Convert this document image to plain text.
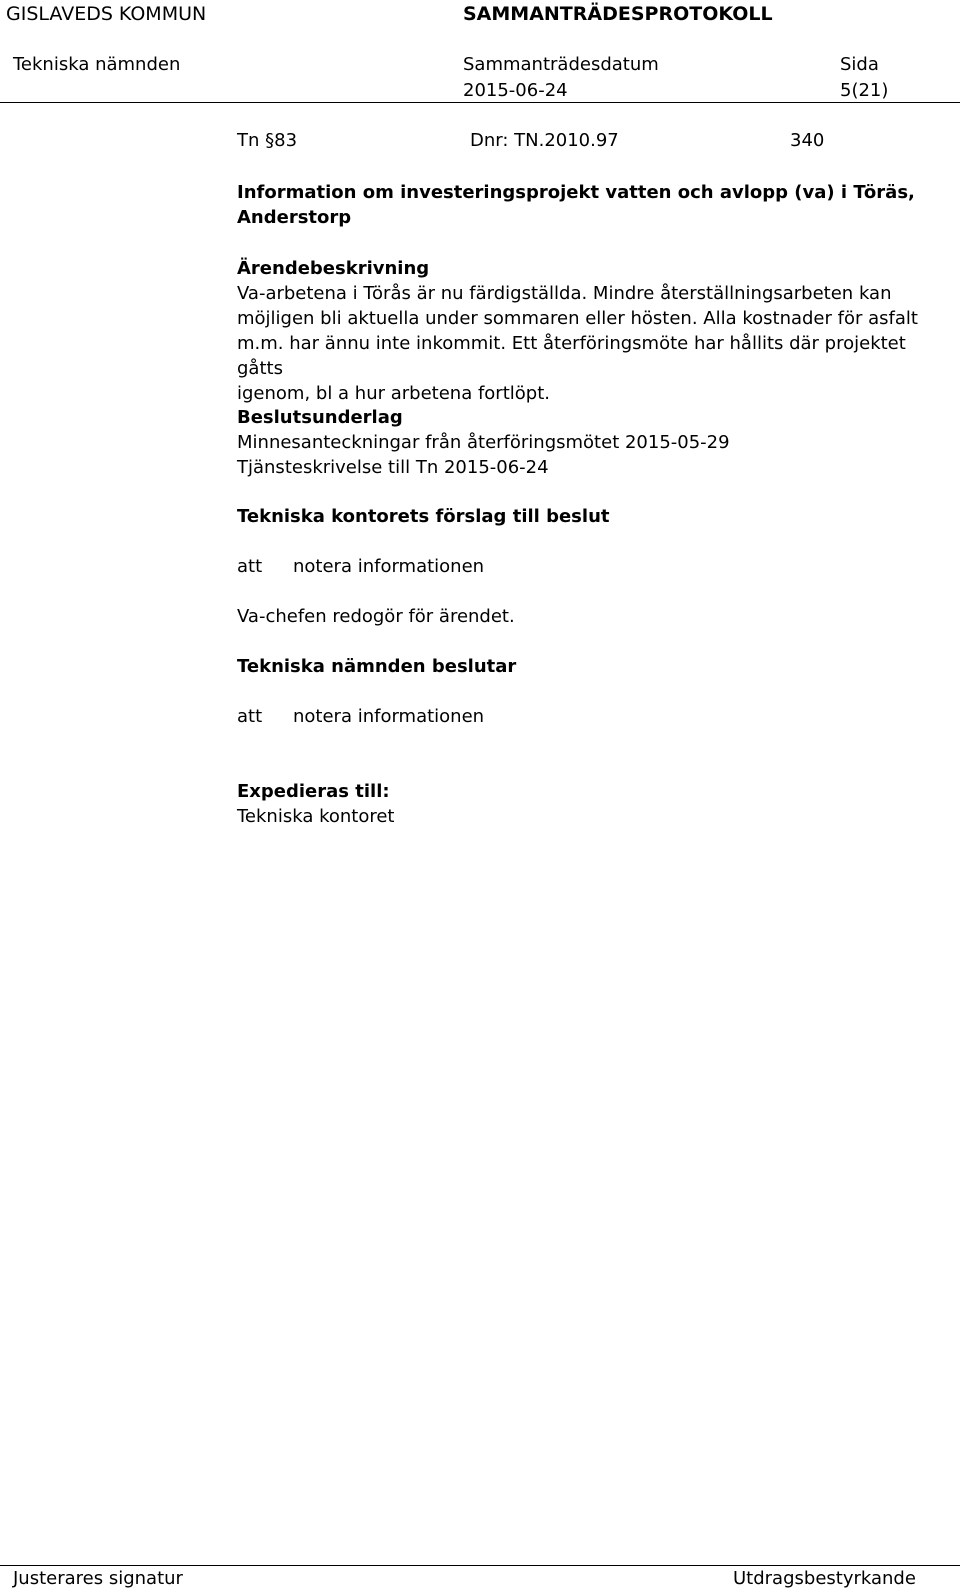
GISLAVEDS KOMMUN	SAMMANTRÄDESPROTOKOLL
Tekniska nämnden	Sammanträdesdatum	Sida
2015-06-24	5(21)
Tn §83	Dnr: TN.2010.97	340
Information om investeringsprojekt vatten och avlopp (va) i Töräs,
Anderstorp
Ärendebeskrivning
Va-arbetena i Törås är nu färdigställda. Mindre återställningsarbeten kan
möjligen bli aktuella under sommaren eller hösten. Alla kostnader för asfalt
m.m. har ännu inte inkommit. Ett återföringsmöte har hållits där projektet gåtts
igenom, bl a hur arbetena fortlöpt.
Beslutsunderlag
Minnesanteckningar från återföringsmötet 2015-05-29
Tjänsteskrivelse till Tn 2015-06-24
Tekniska kontorets förslag till beslut
att notera informationen
Va-chefen redogör för ärendet.
Tekniska nämnden beslutar
att notera informationen
Expedieras till:
Tekniska kontoret
Justerares signatur	Utdragsbestyrkande
